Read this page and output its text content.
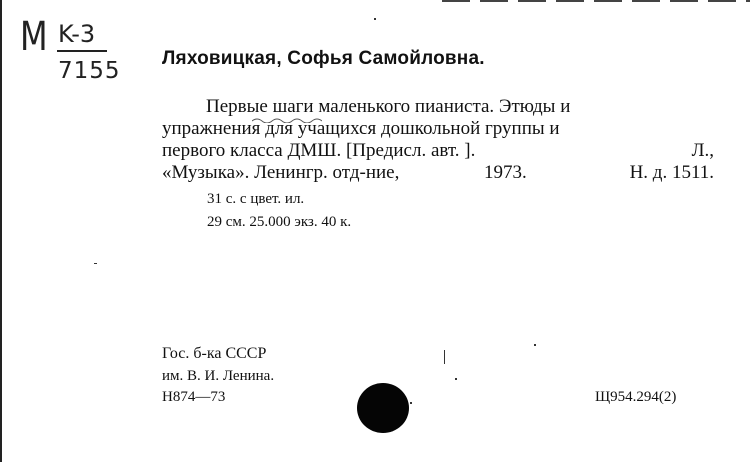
M K-3
7155 Ляховицкая, Софья Самойловна.
Первые шаги маленького пианиста. Этюды и
упражнения для учащихся дошкольной группы и
первого класса ДМШ. [Предисл. авт. ].	Л.,
«Музыка». Ленингр. отд-ние,	1973.	Н. д. 1511.
31 с. с цвет. ил.
29 см. 25.000 экз. 40 к.
Гос. б-ка СССР
им. В. И. Ленина.
Н874—73	Щ954.294(2)
